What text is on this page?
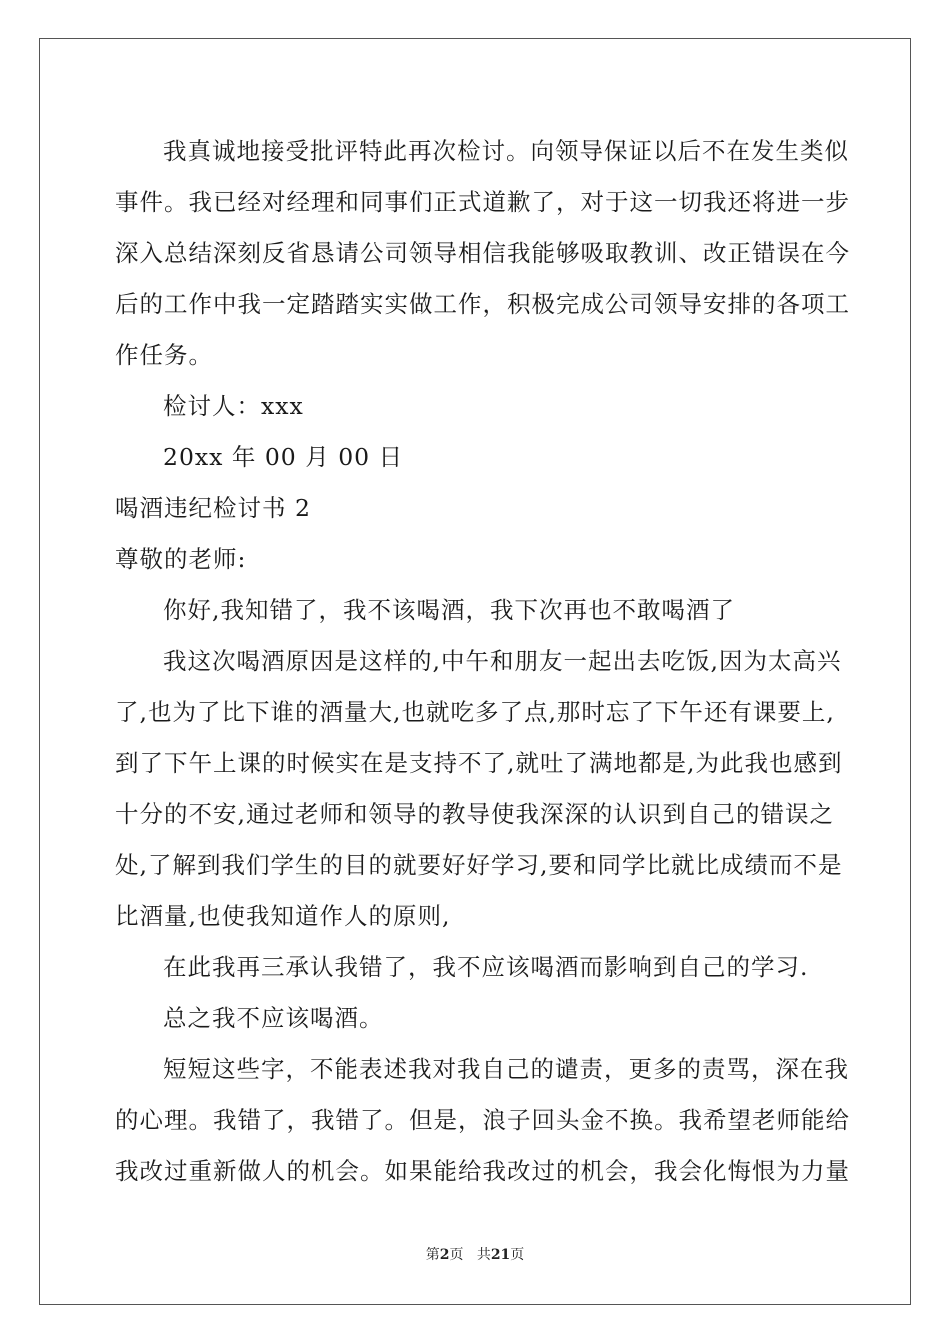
我真诚地接受批评特此再次检讨。向领导保证以后不在发生类似
事件。我已经对经理和同事们正式道歉了，对于这一切我还将进一步
深入总结深刻反省恳请公司领导相信我能够吸取教训、改正错误在今
后的工作中我一定踏踏实实做工作，积极完成公司领导安排的各项工
作任务。
检讨人：xxx
20xx 年 00 月 00 日
喝酒违纪检讨书 2
尊敬的老师:
你好,我知错了，我不该喝酒，我下次再也不敢喝酒了
我这次喝酒原因是这样的,中午和朋友一起出去吃饭,因为太高兴
了,也为了比下谁的酒量大,也就吃多了点,那时忘了下午还有课要上,
到了下午上课的时候实在是支持不了,就吐了满地都是,为此我也感到
十分的不安,通过老师和领导的教导使我深深的认识到自己的错误之
处,了解到我们学生的目的就要好好学习,要和同学比就比成绩而不是
比酒量,也使我知道作人的原则,
在此我再三承认我错了，我不应该喝酒而影响到自己的学习.
总之我不应该喝酒。
短短这些字，不能表述我对我自己的谴责，更多的责骂，深在我
的心理。我错了，我错了。但是，浪子回头金不换。我希望老师能给
我改过重新做人的机会。如果能给我改过的机会，我会化悔恨为力量
第2页 共21页
